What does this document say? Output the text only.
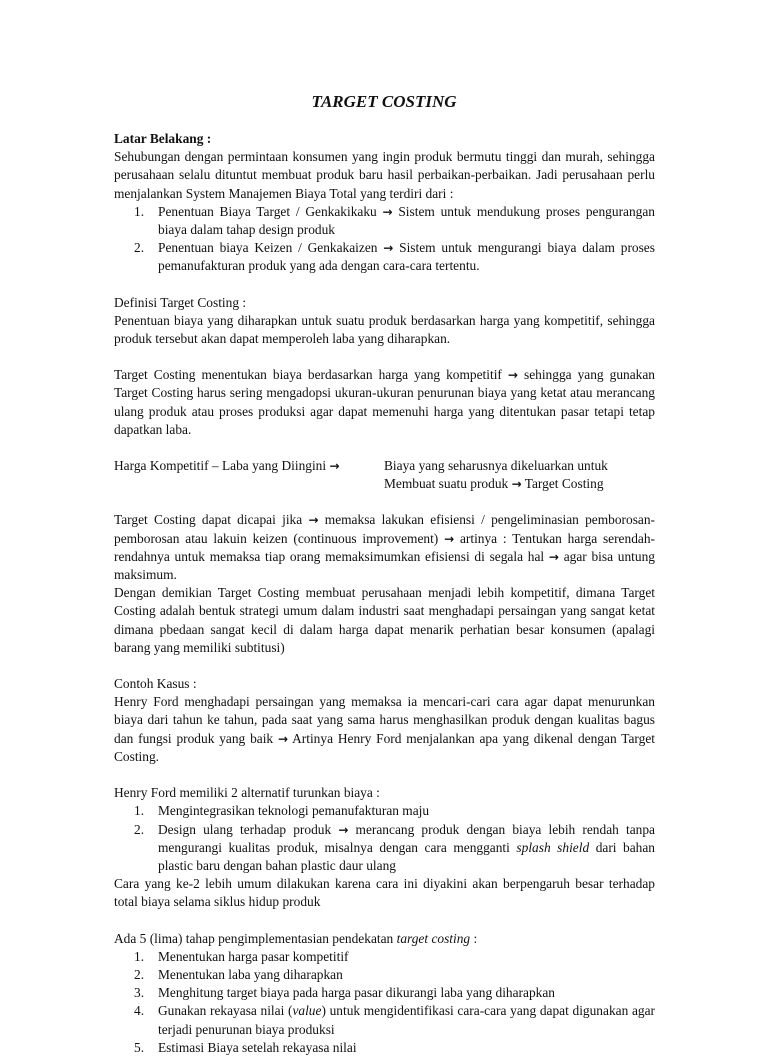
TARGET COSTING

Latar Belakang :

Sehubungan dengan permintaan konsumen yang ingin produk bermutu tinggi dan murah, sehingga perusahaan selalu dituntut membuat produk baru hasil perbaikan-perbaikan. Jadi perusahaan perlu menjalankan System Manajemen Biaya Total yang terdiri dari :

1. Penentuan Biaya Target / Genkakikaku → Sistem untuk mendukung proses pengurangan biaya dalam tahap design produk
2. Penentuan biaya Keizen / Genkakaizen → Sistem untuk mengurangi biaya dalam proses pemanufakturan produk yang ada dengan cara-cara tertentu.

Definisi Target Costing :

Penentuan biaya yang diharapkan untuk suatu produk berdasarkan harga yang kompetitif, sehingga produk tersebut akan dapat memperoleh laba yang diharapkan.

Target Costing menentukan biaya berdasarkan harga yang kompetitif → sehingga yang gunakan Target Costing harus sering mengadopsi ukuran-ukuran penurunan biaya yang ketat atau merancang ulang produk atau proses produksi agar dapat memenuhi harga yang ditentukan pasar tetapi tetap dapatkan laba.

Harga Kompetitif – Laba yang Diingini →	Biaya yang seharusnya dikeluarkan untuk
Membuat suatu produk → Target Costing

Target Costing dapat dicapai jika → memaksa lakukan efisiensi / pengeliminasian pemborosan-pemborosan atau lakuin keizen (continuous improvement) → artinya : Tentukan harga serendah-rendahnya untuk memaksa tiap orang memaksimumkan efisiensi di segala hal → agar bisa untung maksimum.

Dengan demikian Target Costing membuat perusahaan menjadi lebih kompetitif, dimana Target Costing adalah bentuk strategi umum dalam industri saat menghadapi persaingan yang sangat ketat dimana pbedaan sangat kecil di dalam harga dapat menarik perhatian besar konsumen (apalagi barang yang memiliki subtitusi)

Contoh Kasus :

Henry Ford menghadapi persaingan yang memaksa ia mencari-cari cara agar dapat menurunkan biaya dari tahun ke tahun, pada saat yang sama harus menghasilkan produk dengan kualitas bagus dan fungsi produk yang baik → Artinya Henry Ford menjalankan apa yang dikenal dengan Target Costing.

Henry Ford memiliki 2 alternatif turunkan biaya :

1. Mengintegrasikan teknologi pemanufakturan maju
2. Design ulang terhadap produk → merancang produk dengan biaya lebih rendah tanpa mengurangi kualitas produk, misalnya dengan cara mengganti splash shield dari bahan plastic baru dengan bahan plastic daur ulang

Cara yang ke-2 lebih umum dilakukan karena cara ini diyakini akan berpengaruh besar terhadap total biaya selama siklus hidup produk

Ada 5 (lima) tahap pengimplementasian pendekatan target costing :

1. Menentukan harga pasar kompetitif
2. Menentukan laba yang diharapkan
3. Menghitung target biaya pada harga pasar dikurangi laba yang diharapkan
4. Gunakan rekayasa nilai (value) untuk mengidentifikasi cara-cara yang dapat digunakan agar terjadi penurunan biaya produksi
5. Estimasi Biaya setelah rekayasa nilai
